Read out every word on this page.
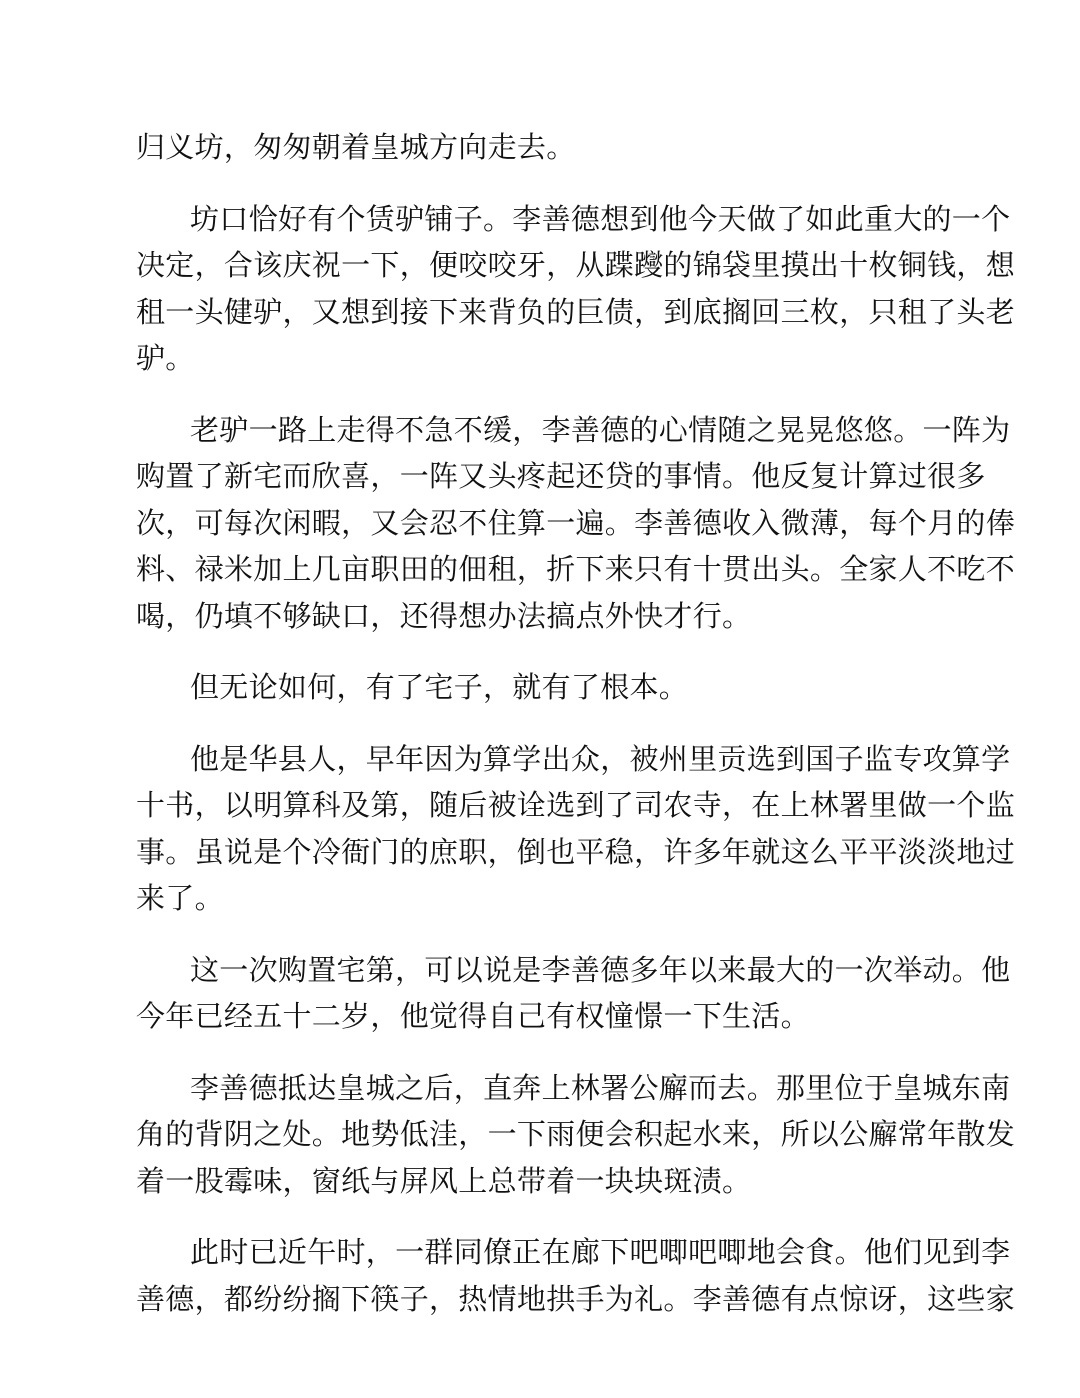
归义坊，匆匆朝着皇城方向走去。
坊口恰好有个赁驴铺子。李善德想到他今天做了如此重大的一个
决定，合该庆祝一下，便咬咬牙，从蹀躞的锦袋里摸出十枚铜钱，想
租一头健驴，又想到接下来背负的巨债，到底搁回三枚，只租了头老
驴。
老驴一路上走得不急不缓，李善德的心情随之晃晃悠悠。一阵为
购置了新宅而欣喜，一阵又头疼起还贷的事情。他反复计算过很多
次，可每次闲暇，又会忍不住算一遍。李善德收入微薄，每个月的俸
料、禄米加上几亩职田的佃租，折下来只有十贯出头。全家人不吃不
喝，仍填不够缺口，还得想办法搞点外快才行。
但无论如何，有了宅子，就有了根本。
他是华县人，早年因为算学出众，被州里贡选到国子监专攻算学
十书，以明算科及第，随后被诠选到了司农寺，在上林署里做一个监
事。虽说是个冷衙门的庶职，倒也平稳，许多年就这么平平淡淡地过
来了。
这一次购置宅第，可以说是李善德多年以来最大的一次举动。他
今年已经五十二岁，他觉得自己有权憧憬一下生活。
李善德抵达皇城之后，直奔上林署公廨而去。那里位于皇城东南
角的背阴之处。地势低洼，一下雨便会积起水来，所以公廨常年散发
着一股霉味，窗纸与屏风上总带着一块块斑渍。
此时已近午时，一群同僚正在廊下吧唧吧唧地会食。他们见到李
善德，都纷纷搁下筷子，热情地拱手为礼。李善德有点惊讶，这些家
